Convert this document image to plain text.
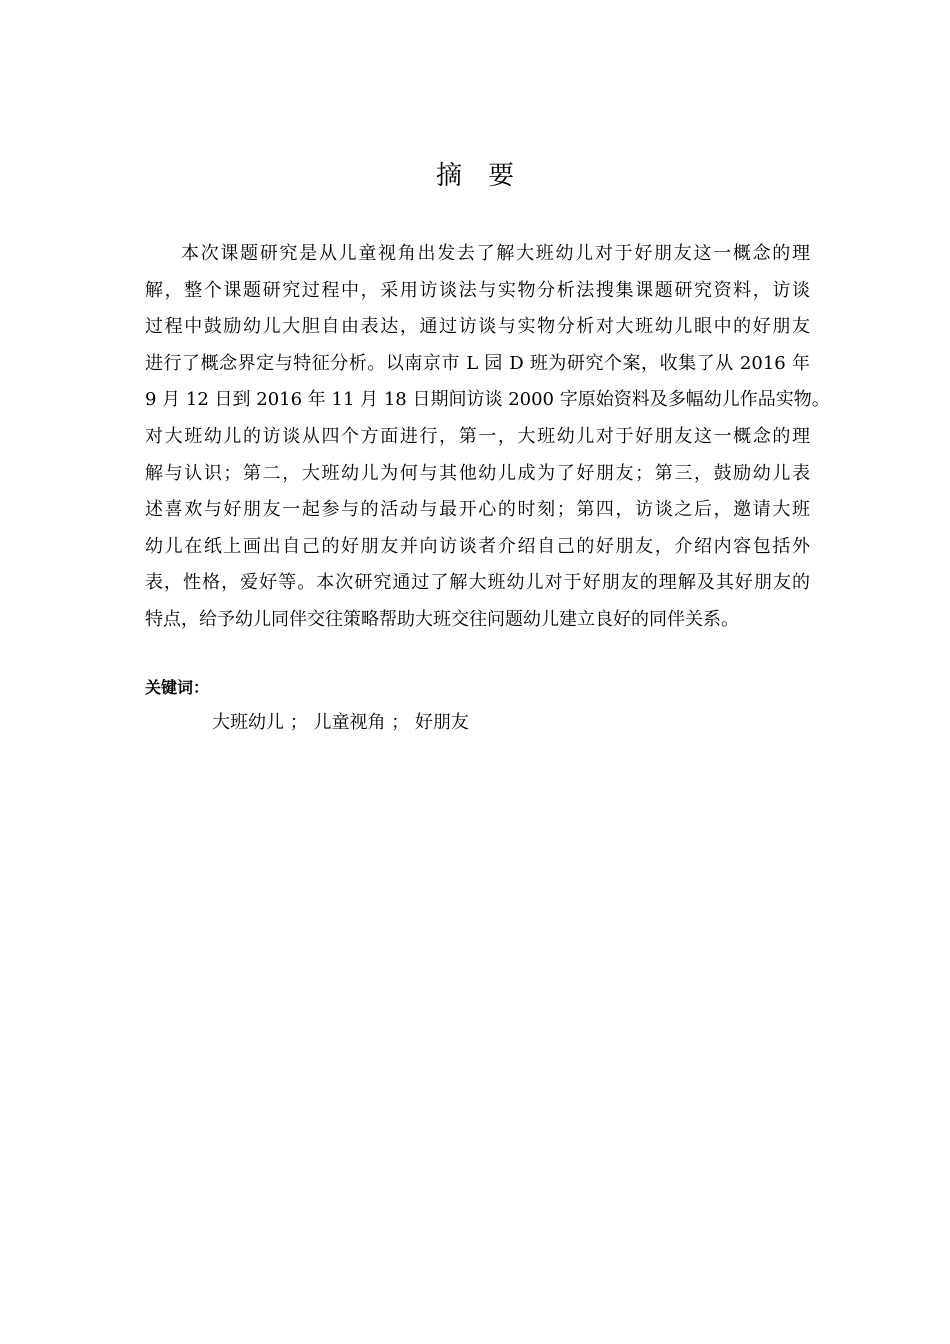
摘要
本次课题研究是从儿童视角出发去了解大班幼儿对于好朋友这一概念的理
解，整个课题研究过程中，采用访谈法与实物分析法搜集课题研究资料，访谈
过程中鼓励幼儿大胆自由表达，通过访谈与实物分析对大班幼儿眼中的好朋友
进行了概念界定与特征分析。以南京市 L 园 D 班为研究个案，收集了从 2016 年
9 月 12 日到 2016 年 11 月 18 日期间访谈 2000 字原始资料及多幅幼儿作品实物。
对大班幼儿的访谈从四个方面进行，第一，大班幼儿对于好朋友这一概念的理
解与认识；第二，大班幼儿为何与其他幼儿成为了好朋友；第三，鼓励幼儿表
述喜欢与好朋友一起参与的活动与最开心的时刻；第四，访谈之后，邀请大班
幼儿在纸上画出自己的好朋友并向访谈者介绍自己的好朋友，介绍内容包括外
表，性格，爱好等。本次研究通过了解大班幼儿对于好朋友的理解及其好朋友的
特点，给予幼儿同伴交往策略帮助大班交往问题幼儿建立良好的同伴关系。
关键词：
大班幼儿 ； 儿童视角 ； 好朋友
